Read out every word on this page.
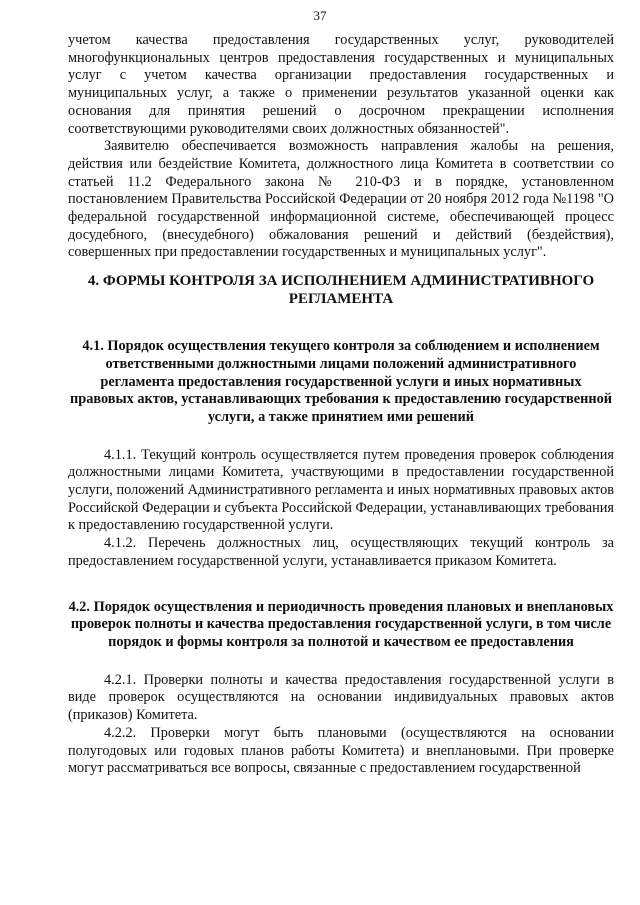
37

учетом качества предоставления государственных услуг, руководителей многофункциональных центров предоставления государственных и муниципальных услуг с учетом качества организации предоставления государственных и муниципальных услуг, а также о применении результатов указанной оценки как основания для принятия решений о досрочном прекращении исполнения соответствующими руководителями своих должностных обязанностей".

Заявителю обеспечивается возможность направления жалобы на решения, действия или бездействие Комитета, должностного лица Комитета в соответствии со статьей 11.2 Федерального закона № 210-ФЗ и в порядке, установленном постановлением Правительства Российской Федерации от 20 ноября 2012 года №1198 "О федеральной государственной информационной системе, обеспечивающей процесс досудебного, (внесудебного) обжалования решений и действий (бездействия), совершенных при предоставлении государственных и муниципальных услуг".

4. ФОРМЫ КОНТРОЛЯ ЗА ИСПОЛНЕНИЕМ АДМИНИСТРАТИВНОГО РЕГЛАМЕНТА
4.1. Порядок осуществления текущего контроля за соблюдением и исполнением ответственными должностными лицами положений административного регламента предоставления государственной услуги и иных нормативных правовых актов, устанавливающих требования к предоставлению государственной услуги, а также принятием ими решений

4.1.1. Текущий контроль осуществляется путем проведения проверок соблюдения должностными лицами Комитета, участвующими в предоставлении государственной услуги, положений Административного регламента и иных нормативных правовых актов Российской Федерации и субъекта Российской Федерации, устанавливающих требования к предоставлению государственной услуги.

4.1.2. Перечень должностных лиц, осуществляющих текущий контроль за предоставлением государственной услуги, устанавливается приказом Комитета.

4.2. Порядок осуществления и периодичность проведения плановых и внеплановых проверок полноты и качества предоставления государственной услуги, в том числе порядок и формы контроля за полнотой и качеством ее предоставления

4.2.1. Проверки полноты и качества предоставления государственной услуги в виде проверок осуществляются на основании индивидуальных правовых актов (приказов) Комитета.

4.2.2. Проверки могут быть плановыми (осуществляются на основании полугодовых или годовых планов работы Комитета) и внеплановыми. При проверке могут рассматриваться все вопросы, связанные с предоставлением государственной
